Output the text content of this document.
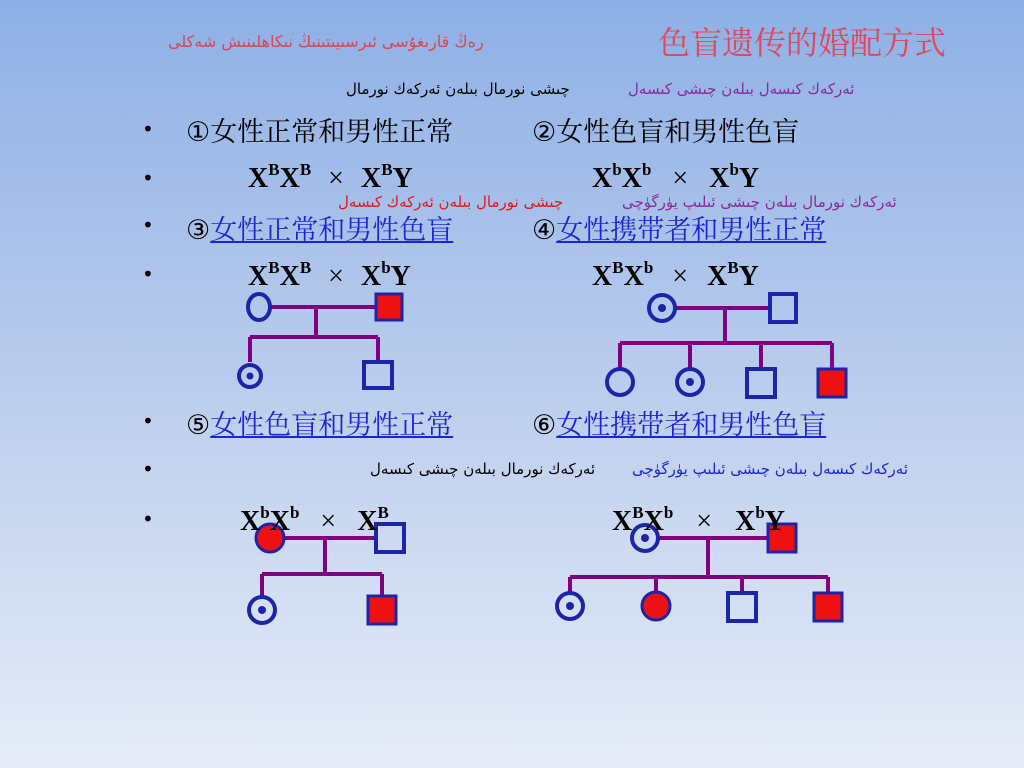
色盲遗传的婚配方式
رەڭ قارىغۇسى ئىرسىيىتىنىڭ نىكاھلىنىش شەكلى
چىشى نورمال بىلەن ئەركەك نورمال	ئەركەك كىسەل بىلەن چىشى كىسەل
چىشى نورمال بىلەن ئەركەك كىسەل	ئەركەك نورمال بىلەن چىشى ئىلىپ يۈرگۈچى
ئەركەك نورمال بىلەن چىشى كىسەل ئەركەك كىسەل بىلەن چىشى ئىلىپ يۈرگۈچى
•
•
•
•
•
•
•
①女性正常和男性正常	②女性色盲和男性色盲
$X^BX^B \times X^BY$	$X^bX^b \times X^bY$
③女性正常和男性色盲	④女性携带者和男性正常
$X^BX^B \times X^bY$	$X^BX^b \times X^BY$
⑤女性色盲和男性正常	⑥女性携带者和男性色盲
$X^bX^b \times X^B$	$X^BX^b \times X^bY$
